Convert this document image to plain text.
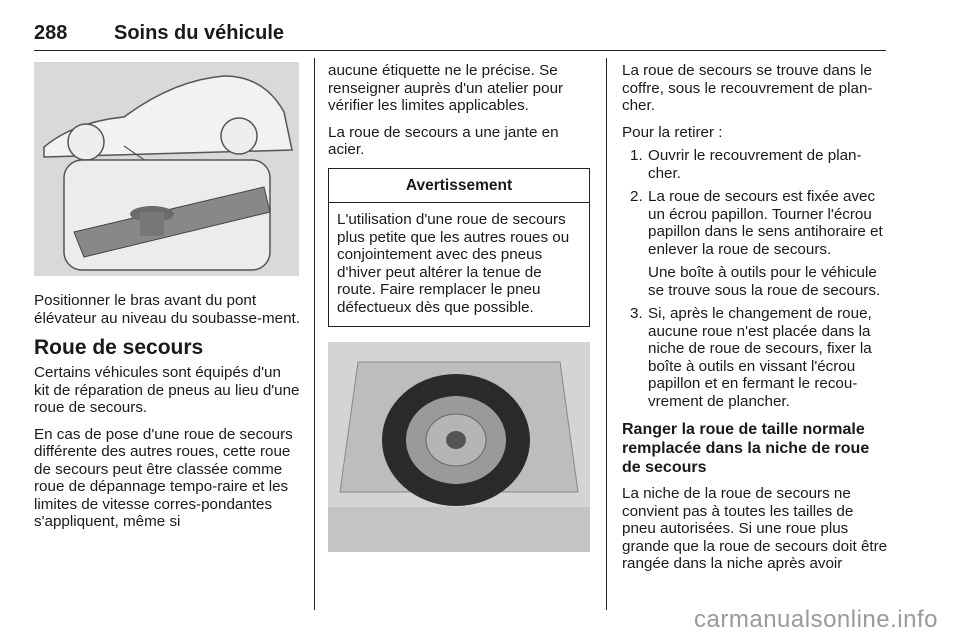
288 Soins du véhicule

Positionner le bras avant du pont élévateur au niveau du soubasse-ment.

Roue de secours

Certains véhicules sont équipés d'un kit de réparation de pneus au lieu d'une roue de secours.

En cas de pose d'une roue de secours différente des autres roues, cette roue de secours peut être classée comme roue de dépannage tempo-raire et les limites de vitesse corres-pondantes s'appliquent, même si

aucune étiquette ne le précise. Se renseigner auprès d'un atelier pour vérifier les limites applicables.

La roue de secours a une jante en acier.

Avertissement
L'utilisation d'une roue de secours plus petite que les autres roues ou conjointement avec des pneus d'hiver peut altérer la tenue de route. Faire remplacer le pneu défectueux dès que possible.

La roue de secours se trouve dans le coffre, sous le recouvrement de plan-cher.

Pour la retirer :

1. Ouvrir le recouvrement de plan-cher.
2. La roue de secours est fixée avec un écrou papillon. Tourner l'écrou papillon dans le sens antihoraire et enlever la roue de secours.
Une boîte à outils pour le véhicule se trouve sous la roue de secours.
3. Si, après le changement de roue, aucune roue n'est placée dans la niche de roue de secours, fixer la boîte à outils en vissant l'écrou papillon et en fermant le recou-vrement de plancher.
Ranger la roue de taille normale remplacée dans la niche de roue de secours

La niche de la roue de secours ne convient pas à toutes les tailles de pneu autorisées. Si une roue plus grande que la roue de secours doit être rangée dans la niche après avoir

carmanualsonline.info
